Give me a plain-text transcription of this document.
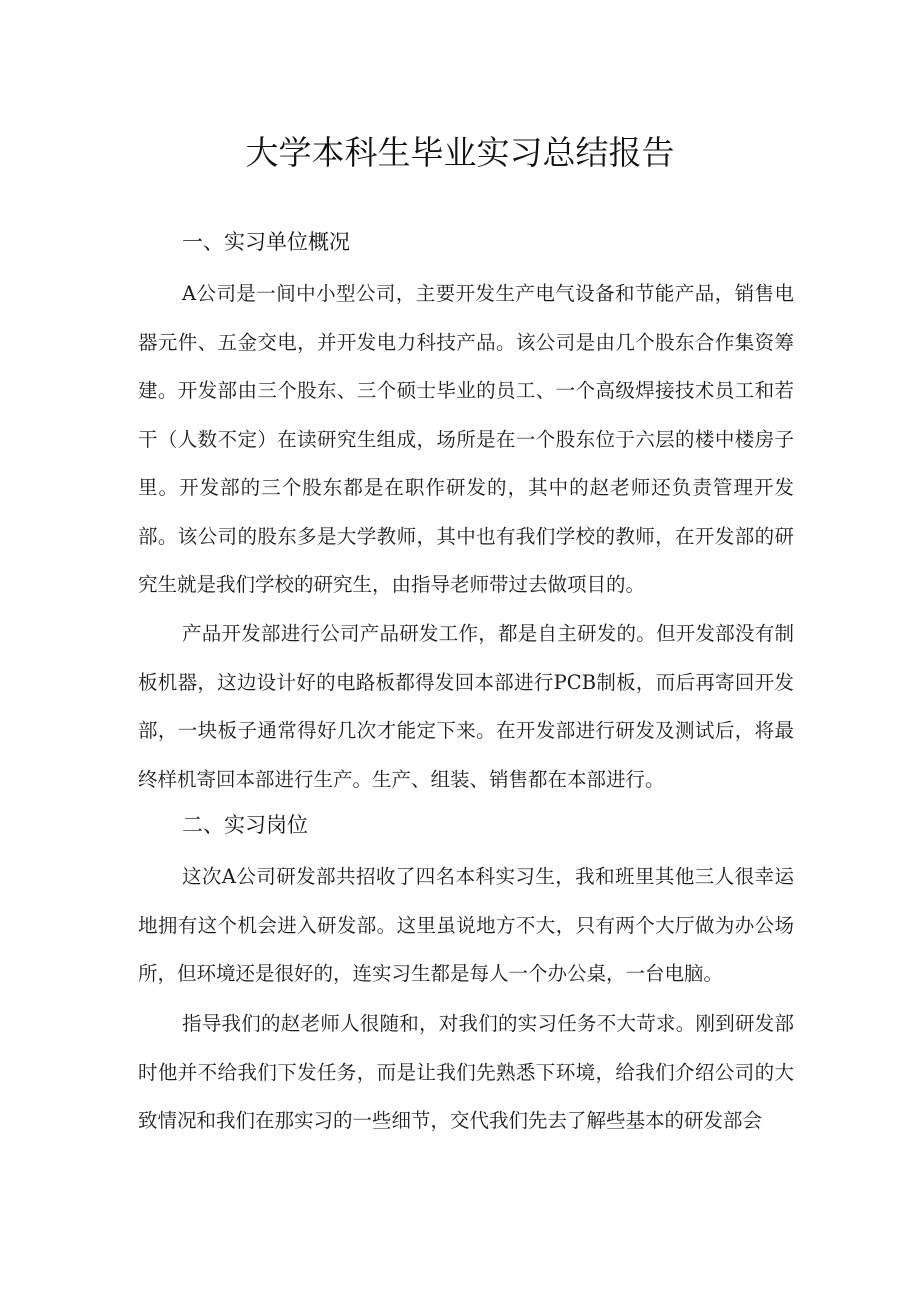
大学本科生毕业实习总结报告
一、实习单位概况

A公司是一间中小型公司，主要开发生产电气设备和节能产品，销售电器元件、五金交电，并开发电力科技产品。该公司是由几个股东合作集资筹建。开发部由三个股东、三个硕士毕业的员工、一个高级焊接技术员工和若干（人数不定）在读研究生组成，场所是在一个股东位于六层的楼中楼房子里。开发部的三个股东都是在职作研发的，其中的赵老师还负责管理开发部。该公司的股东多是大学教师，其中也有我们学校的教师，在开发部的研究生就是我们学校的研究生，由指导老师带过去做项目的。

产品开发部进行公司产品研发工作，都是自主研发的。但开发部没有制板机器，这边设计好的电路板都得发回本部进行PCB制板，而后再寄回开发部，一块板子通常得好几次才能定下来。在开发部进行研发及测试后，将最终样机寄回本部进行生产。生产、组装、销售都在本部进行。

二、实习岗位

这次A公司研发部共招收了四名本科实习生，我和班里其他三人很幸运地拥有这个机会进入研发部。这里虽说地方不大，只有两个大厅做为办公场所，但环境还是很好的，连实习生都是每人一个办公桌，一台电脑。

指导我们的赵老师人很随和，对我们的实习任务不大苛求。刚到研发部时他并不给我们下发任务，而是让我们先熟悉下环境，给我们介绍公司的大致情况和我们在那实习的一些细节，交代我们先去了解些基本的研发部会
